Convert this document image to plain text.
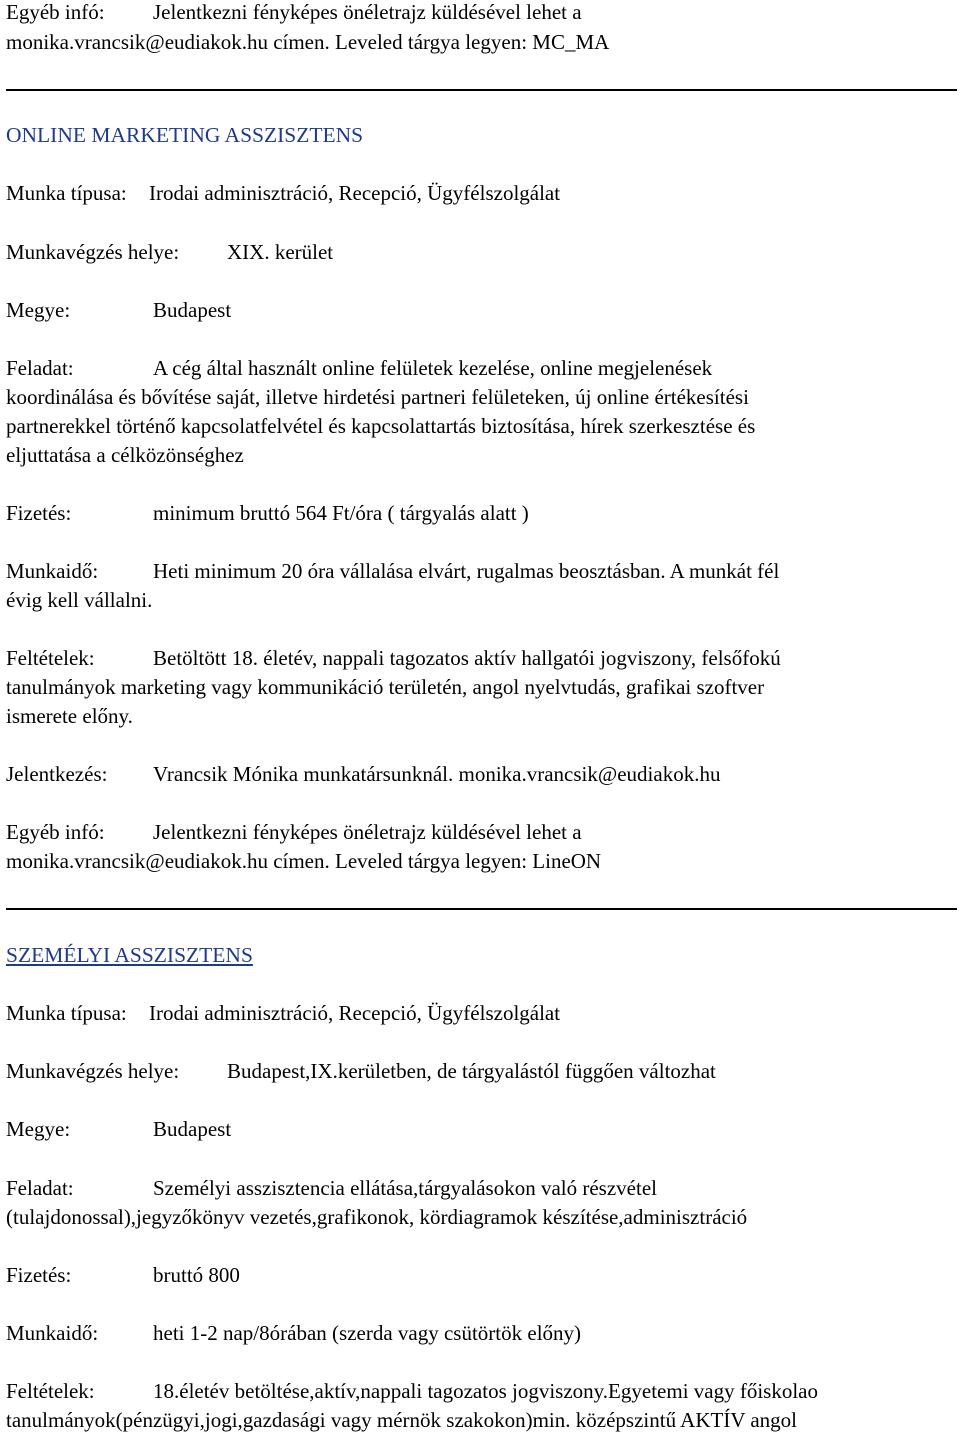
Egyéb infó: Jelentkezni fényképes önéletrajz küldésével lehet a
monika.vrancsik@eudiakok.hu címen. Leveled tárgya legyen: MC_MA
ONLINE MARKETING ASSZISZTENS
Munka típusa: Irodai adminisztráció, Recepció, Ügyfélszolgálat
Munkavégzés helye: XIX. kerület
Megye:	Budapest
Feladat:	A cég által használt online felületek kezelése, online megjelenések
koordinálása és bővítése saját, illetve hirdetési partneri felületeken, új online értékesítési
partnerekkel történő kapcsolatfelvétel és kapcsolattartás biztosítása, hírek szerkesztése és
eljuttatása a célközönséghez
Fizetés:	minimum bruttó 564 Ft/óra ( tárgyalás alatt )
Munkaidő:	Heti minimum 20 óra vállalása elvárt, rugalmas beosztásban. A munkát fél
évig kell vállalni.
Feltételek:	Betöltött 18. életév, nappali tagozatos aktív hallgatói jogviszony, felsőfokú
tanulmányok marketing vagy kommunikáció területén, angol nyelvtudás, grafikai szoftver
ismerete előny.
Jelentkezés: Vrancsik Mónika munkatársunknál. monika.vrancsik@eudiakok.hu
Egyéb infó: Jelentkezni fényképes önéletrajz küldésével lehet a
monika.vrancsik@eudiakok.hu címen. Leveled tárgya legyen: LineON
SZEMÉLYI ASSZISZTENS
Munka típusa: Irodai adminisztráció, Recepció, Ügyfélszolgálat
Munkavégzés helye: Budapest,IX.kerületben, de tárgyalástól függően változhat
Megye:	Budapest
Feladat:	Személyi asszisztencia ellátása,tárgyalásokon való részvétel
(tulajdonossal),jegyzőkönyv vezetés,grafikonok, kördiagramok készítése,adminisztráció
Fizetés:	bruttó 800
Munkaidő:	heti 1-2 nap/8órában (szerda vagy csütörtök előny)
Feltételek:	18.életév betöltése,aktív,nappali tagozatos jogviszony.Egyetemi vagy főiskolao
tanulmányok(pénzügyi,jogi,gazdasági vagy mérnök szakokon)min. középszintű AKTÍV angol
